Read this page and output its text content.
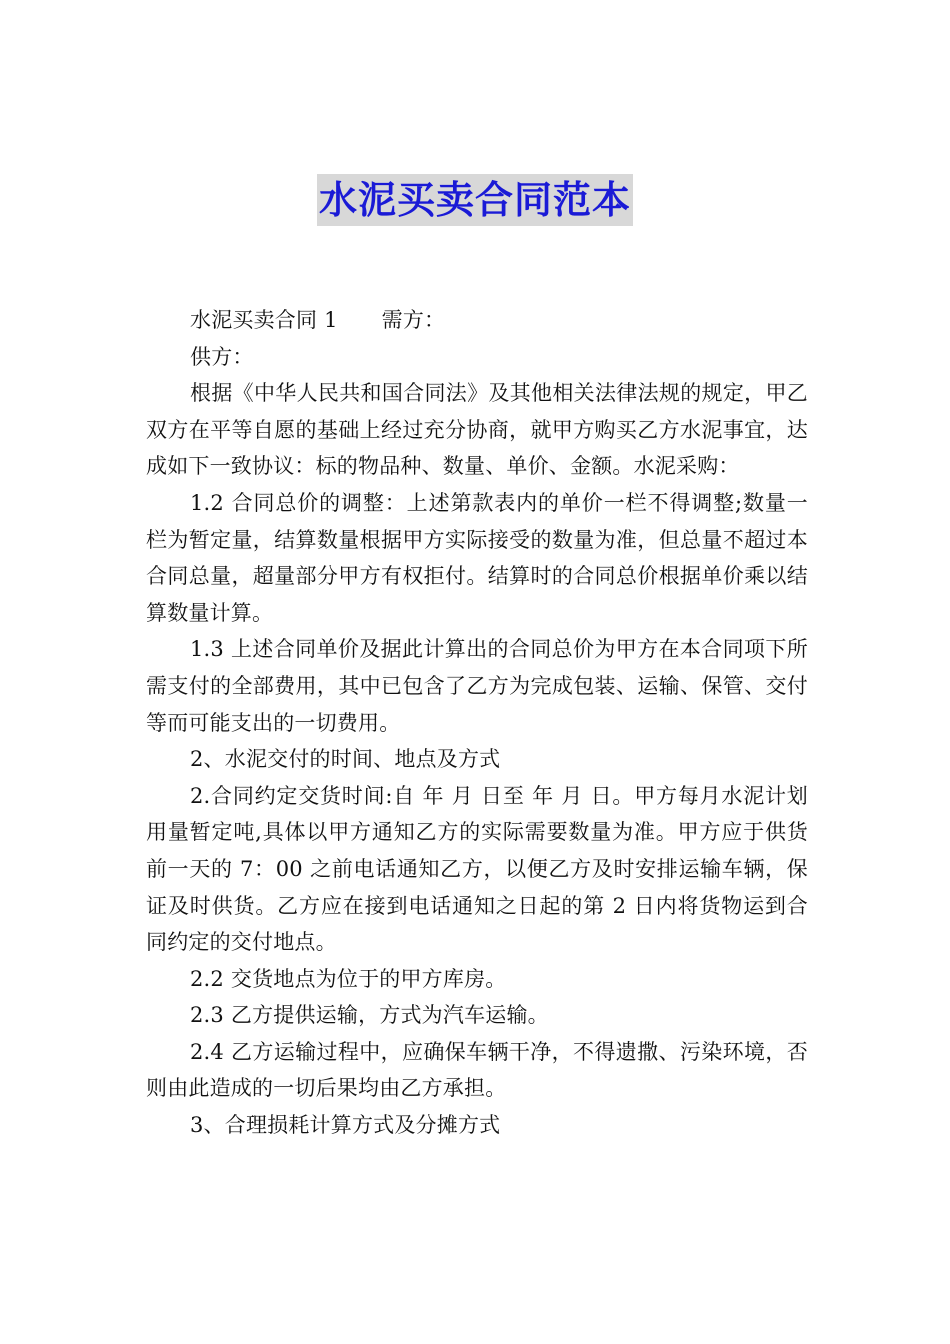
水泥买卖合同范本

水泥买卖合同 1 需方：

供方：

根据《中华人民共和国合同法》及其他相关法律法规的规定，甲乙双方在平等自愿的基础上经过充分协商，就甲方购买乙方水泥事宜，达成如下一致协议：标的物品种、数量、单价、金额。水泥采购：

1.2 合同总价的调整：上述第款表内的单价一栏不得调整;数量一栏为暂定量，结算数量根据甲方实际接受的数量为准，但总量不超过本合同总量，超量部分甲方有权拒付。结算时的合同总价根据单价乘以结算数量计算。

1.3 上述合同单价及据此计算出的合同总价为甲方在本合同项下所需支付的全部费用，其中已包含了乙方为完成包装、运输、保管、交付等而可能支出的一切费用。

2、水泥交付的时间、地点及方式

2.合同约定交货时间:自 年 月 日至 年 月 日。甲方每月水泥计划用量暂定吨,具体以甲方通知乙方的实际需要数量为准。甲方应于供货前一天的 7：00 之前电话通知乙方，以便乙方及时安排运输车辆，保证及时供货。乙方应在接到电话通知之日起的第 2 日内将货物运到合同约定的交付地点。

2.2 交货地点为位于的甲方库房。

2.3 乙方提供运输，方式为汽车运输。

2.4 乙方运输过程中，应确保车辆干净，不得遗撒、污染环境，否则由此造成的一切后果均由乙方承担。

3、合理损耗计算方式及分摊方式
